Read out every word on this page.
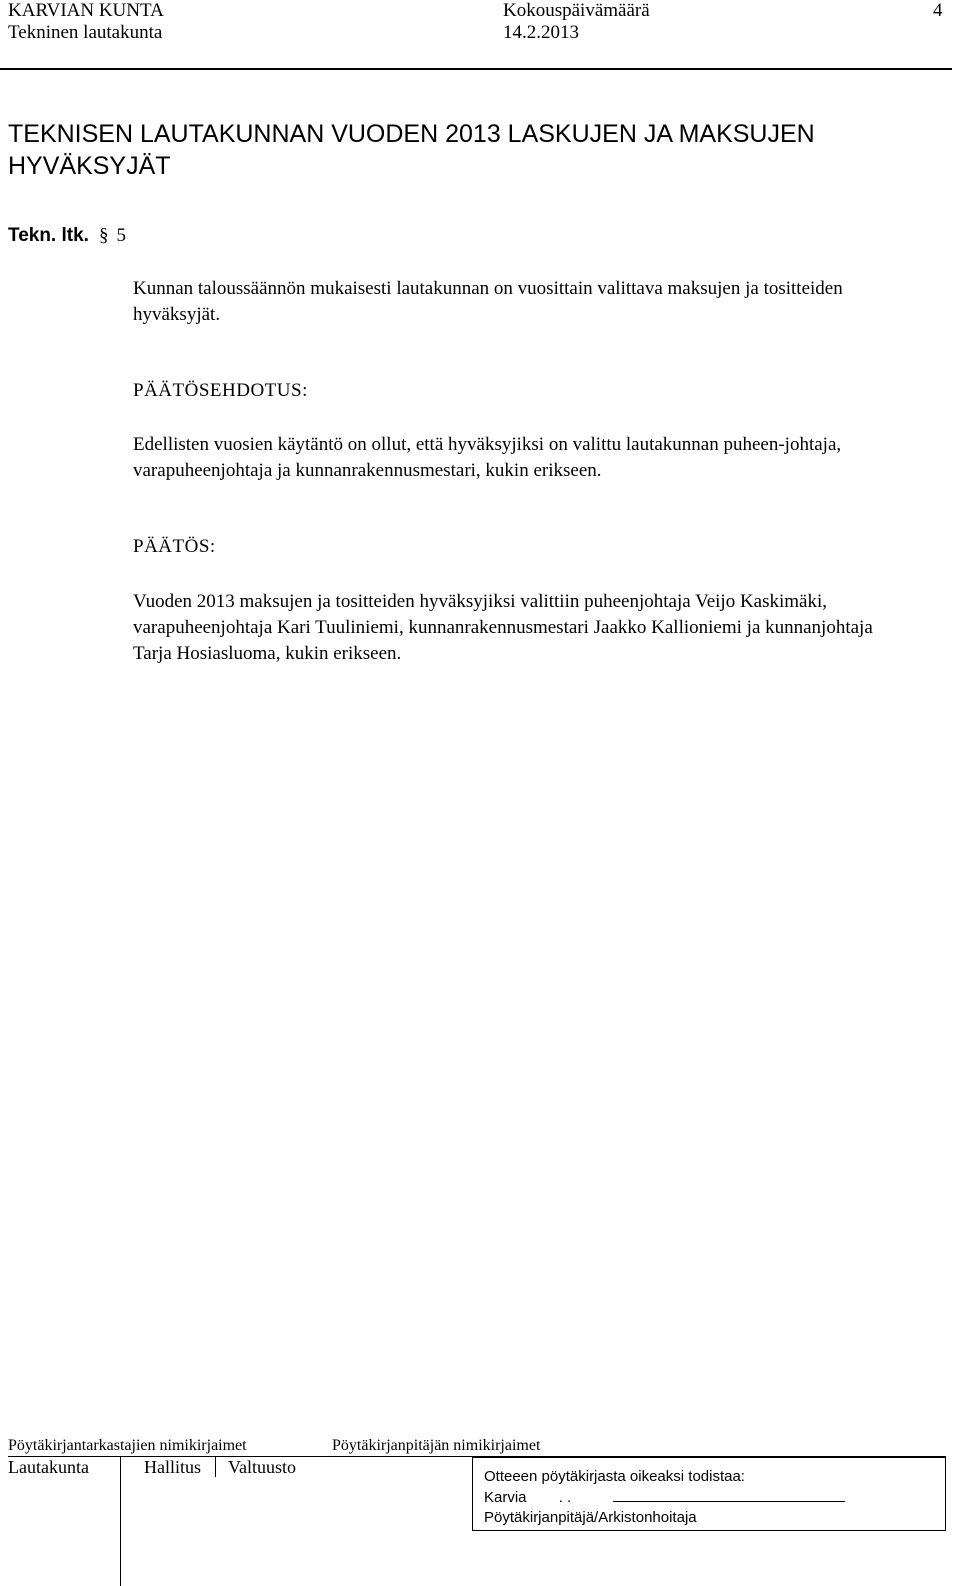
KARVIAN KUNTA
Tekninen lautakunta
Kokouspäivämäärä
14.2.2013
4
TEKNISEN LAUTAKUNNAN VUODEN 2013 LASKUJEN JA MAKSUJEN HYVÄKSYJÄT
Tekn. ltk. § 5
Kunnan taloussäännön mukaisesti lautakunnan on vuosittain valittava maksujen ja tositteiden hyväksyjät.
PÄÄTÖSEHDOTUS:
Edellisten vuosien käytäntö on ollut, että hyväksyjiksi on valittu lautakunnan puheen-johtaja, varapuheenjohtaja ja kunnanrakennusmestari, kukin erikseen.
PÄÄTÖS:
Vuoden 2013 maksujen ja tositteiden hyväksyjiksi valittiin puheenjohtaja Veijo Kaskimäki, varapuheenjohtaja Kari Tuuliniemi, kunnanrakennusmestari Jaakko Kallioniemi ja kunnanjohtaja Tarja Hosiasluoma, kukin erikseen.
Pöytäkirjantarkastajien nimikirjaimet	Pöytäkirjanpitäjän nimikirjaimet
Lautakunta	Hallitus Valtuusto	Otteeen pöytäkirjasta oikeaksi todistaa:
Karvia . .
Pöytäkirjanpitäjä/Arkistonhoitaja
